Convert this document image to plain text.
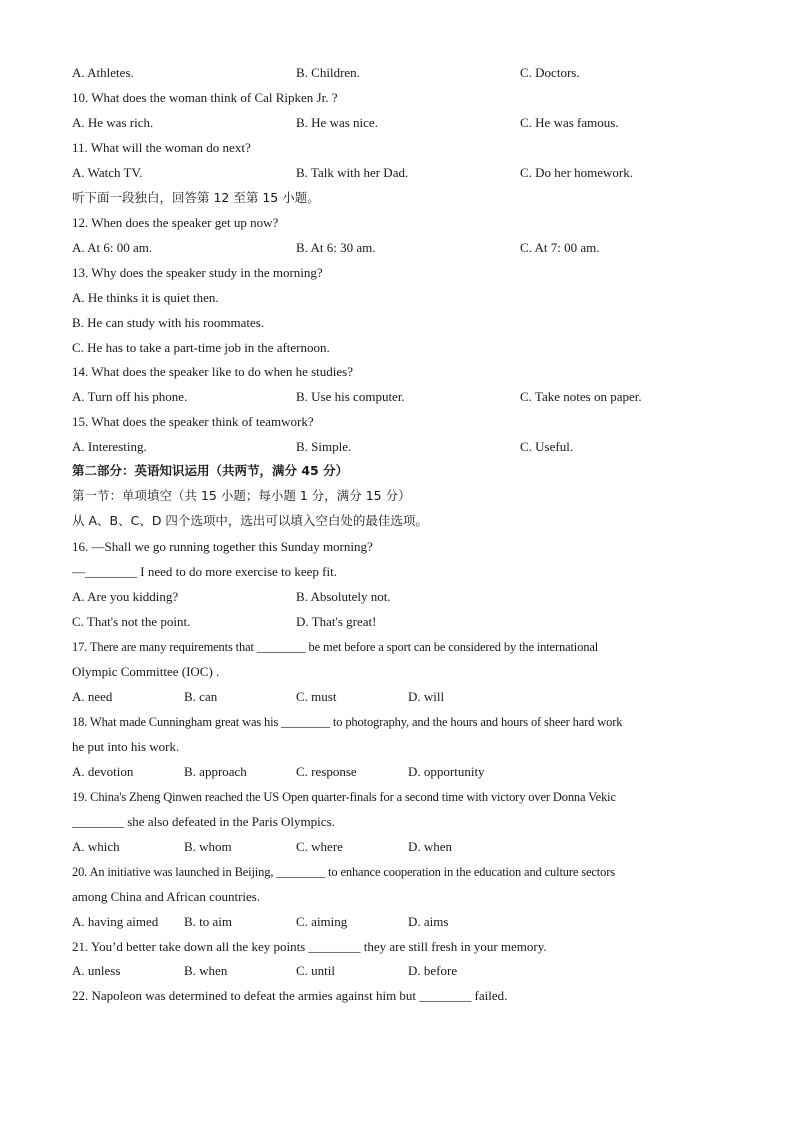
A. Athletes.	B. Children.	C. Doctors.
10. What does the woman think of Cal Ripken Jr. ?
A. He was rich.	B. He was nice.	C. He was famous.
11. What will the woman do next?
A. Watch TV.	B. Talk with her Dad.	C. Do her homework.
听下面一段独白，回答第 12 至第 15 小题。
12. When does the speaker get up now?
A. At 6: 00 am.	B. At 6: 30 am.	C. At 7: 00 am.
13. Why does the speaker study in the morning?
A. He thinks it is quiet then.
B. He can study with his roommates.
C. He has to take a part-time job in the afternoon.
14. What does the speaker like to do when he studies?
A. Turn off his phone.	B. Use his computer.	C. Take notes on paper.
15. What does the speaker think of teamwork?
A. Interesting.	B. Simple.	C. Useful.
第二部分：英语知识运用（共两节，满分 45 分）
第一节：单项填空（共 15 小题；每小题 1 分，满分 15 分）
从 A、B、C、D 四个选项中，选出可以填入空白处的最佳选项。
16. —Shall we go running together this Sunday morning?
—________ I need to do more exercise to keep fit.
A. Are you kidding?	B. Absolutely not.
C. That's not the point.	D. That's great!
17. There are many requirements that ________ be met before a sport can be considered by the international
Olympic Committee (IOC) .
A. need	B. can	C. must	D. will
18. What made Cunningham great was his ________ to photography, and the hours and hours of sheer hard work
he put into his work.
A. devotion	B. approach	C. response	D. opportunity
19. China's Zheng Qinwen reached the US Open quarter-finals for a second time with victory over Donna Vekic
________ she also defeated in the Paris Olympics.
A. which	B. whom	C. where	D. when
20. An initiative was launched in Beijing, ________ to enhance cooperation in the education and culture sectors
among China and African countries.
A. having aimed B. to aim	C. aiming	D. aims
21. You’d better take down all the key points ________ they are still fresh in your memory.
A. unless	B. when	C. until	D. before
22. Napoleon was determined to defeat the armies against him but ________ failed.
